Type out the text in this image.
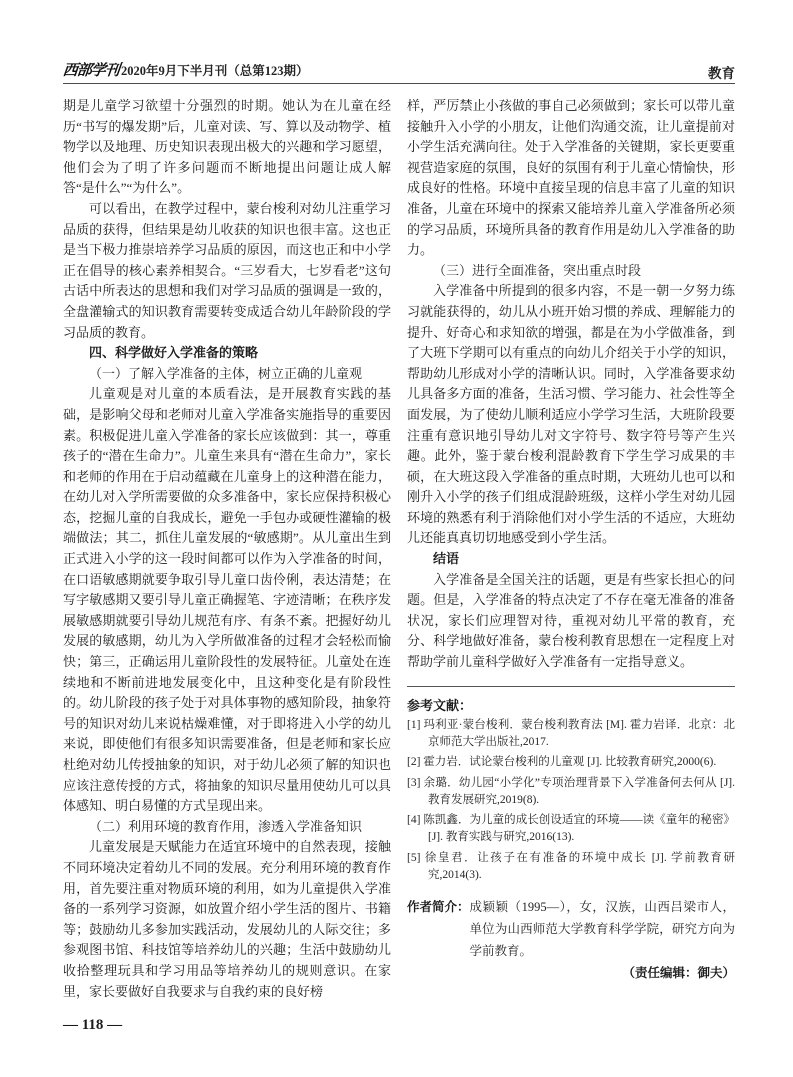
西部学刊 2020年9月下半月刊（总第123期）	教育

期是儿童学习欲望十分强烈的时期。她认为在儿童在经历“书写的爆发期”后，儿童对读、写、算以及动物学、植物学以及地理、历史知识表现出极大的兴趣和学习愿望，他们会为了明了许多问题而不断地提出问题让成人解答“是什么”“为什么”。

可以看出，在教学过程中，蒙台梭利对幼儿注重学习品质的获得，但结果是幼儿收获的知识也很丰富。这也正是当下极力推崇培养学习品质的原因，而这也正和中小学正在倡导的核心素养相契合。“三岁看大，七岁看老”这句古话中所表达的思想和我们对学习品质的强调是一致的，全盘灌输式的知识教育需要转变成适合幼儿年龄阶段的学习品质的教育。

四、科学做好入学准备的策略
（一）了解入学准备的主体，树立正确的儿童观

儿童观是对儿童的本质看法，是开展教育实践的基础，是影响父母和老师对儿童入学准备实施指导的重要因素。积极促进儿童入学准备的家长应该做到：其一，尊重孩子的“潜在生命力”。儿童生来具有“潜在生命力”，家长和老师的作用在于启动蕴藏在儿童身上的这种潜在能力，在幼儿对入学所需要做的众多准备中，家长应保持积极心态，挖掘儿童的自我成长，避免一手包办或硬性灌输的极端做法；其二，抓住儿童发展的“敏感期”。从儿童出生到正式进入小学的这一段时间都可以作为入学准备的时间，在口语敏感期就要争取引导儿童口齿伶俐，表达清楚；在写字敏感期又要引导儿童正确握笔、字迹清晰；在秩序发展敏感期就要引导幼儿规范有序、有条不紊。把握好幼儿发展的敏感期，幼儿为入学所做准备的过程才会轻松而愉快；第三，正确运用儿童阶段性的发展特征。儿童处在连续地和不断前进地发展变化中，且这种变化是有阶段性的。幼儿阶段的孩子处于对具体事物的感知阶段，抽象符号的知识对幼儿来说枯燥难懂，对于即将进入小学的幼儿来说，即使他们有很多知识需要准备，但是老师和家长应杜绝对幼儿传授抽象的知识，对于幼儿必须了解的知识也应该注意传授的方式，将抽象的知识尽量用使幼儿可以具体感知、明白易懂的方式呈现出来。

（二）利用环境的教育作用，渗透入学准备知识

儿童发展是天赋能力在适宜环境中的自然表现，接触不同环境决定着幼儿不同的发展。充分利用环境的教育作用，首先要注重对物质环境的利用，如为儿童提供入学准备的一系列学习资源，如放置介绍小学生活的图片、书籍等；鼓励幼儿多参加实践活动，发展幼儿的人际交往；多参观图书馆、科技馆等培养幼儿的兴趣；生活中鼓励幼儿收拾整理玩具和学习用品等培养幼儿的规则意识。在家里，家长要做好自我要求与自我约束的良好榜

样，严厉禁止小孩做的事自己必须做到；家长可以带儿童接触升入小学的小朋友，让他们沟通交流，让儿童提前对小学生活充满向往。处于入学准备的关键期，家长更要重视营造家庭的氛围，良好的氛围有利于儿童心情愉快，形成良好的性格。环境中直接呈现的信息丰富了儿童的知识准备，儿童在环境中的探索又能培养儿童入学准备所必须的学习品质，环境所具备的教育作用是幼儿入学准备的助力。

（三）进行全面准备，突出重点时段

入学准备中所提到的很多内容，不是一朝一夕努力练习就能获得的，幼儿从小班开始习惯的养成、理解能力的提升、好奇心和求知欲的增强，都是在为小学做准备，到了大班下学期可以有重点的向幼儿介绍关于小学的知识，帮助幼儿形成对小学的清晰认识。同时，入学准备要求幼儿具备多方面的准备，生活习惯、学习能力、社会性等全面发展，为了使幼儿顺利适应小学学习生活，大班阶段要注重有意识地引导幼儿对文字符号、数字符号等产生兴趣。此外，鉴于蒙台梭利混龄教育下学生学习成果的丰硕，在大班这段入学准备的重点时期，大班幼儿也可以和刚升入小学的孩子们组成混龄班级，这样小学生对幼儿园环境的熟悉有利于消除他们对小学生活的不适应，大班幼儿还能真真切切地感受到小学生活。

结语

入学准备是全国关注的话题，更是有些家长担心的问题。但是，入学准备的特点决定了不存在毫无准备的准备状况，家长们应理智对待，重视对幼儿平常的教育，充分、科学地做好准备，蒙台梭利教育思想在一定程度上对帮助学前儿童科学做好入学准备有一定指导意义。

参考文献：
[1] 玛利亚·蒙台梭利．蒙台梭利教育法 [M]. 霍力岩译．北京：北京师范大学出版社,2017.
[2] 霍力岩．试论蒙台梭利的儿童观 [J]. 比较教育研究,2000(6).
[3] 余璐．幼儿园“小学化”专项治理背景下入学准备何去何从 [J]. 教育发展研究,2019(8).
[4] 陈凯鑫．为儿童的成长创设适宜的环境——读《童年的秘密》[J]. 教育实践与研究,2016(13).
[5] 徐皇君．让孩子在有准备的环境中成长 [J]. 学前教育研究,2014(3).
作者简介： 成颖颖（1995—），女，汉族，山西吕梁市人，单位为山西师范大学教育科学学院，研究方向为学前教育。
（责任编辑：御夫）
— 118 —
